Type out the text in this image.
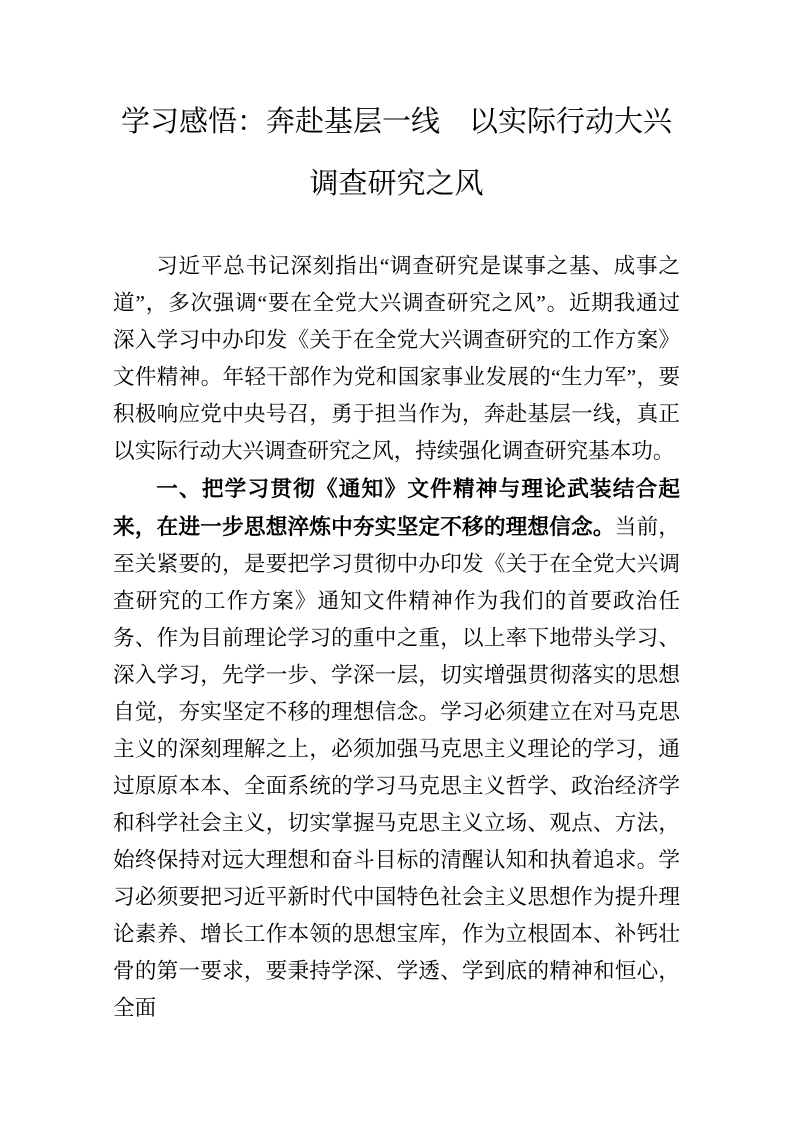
学习感悟：奔赴基层一线　以实际行动大兴调查研究之风

习近平总书记深刻指出“调查研究是谋事之基、成事之道”，多次强调“要在全党大兴调查研究之风”。近期我通过深入学习中办印发《关于在全党大兴调查研究的工作方案》文件精神。年轻干部作为党和国家事业发展的“生力军”，要积极响应党中央号召，勇于担当作为，奔赴基层一线，真正以实际行动大兴调查研究之风，持续强化调查研究基本功。

一、把学习贯彻《通知》文件精神与理论武装结合起来，在进一步思想淬炼中夯实坚定不移的理想信念。当前，至关紧要的，是要把学习贯彻中办印发《关于在全党大兴调查研究的工作方案》通知文件精神作为我们的首要政治任务、作为目前理论学习的重中之重，以上率下地带头学习、深入学习，先学一步、学深一层，切实增强贯彻落实的思想自觉，夯实坚定不移的理想信念。学习必须建立在对马克思主义的深刻理解之上，必须加强马克思主义理论的学习，通过原原本本、全面系统的学习马克思主义哲学、政治经济学和科学社会主义，切实掌握马克思主义立场、观点、方法，始终保持对远大理想和奋斗目标的清醒认知和执着追求。学习必须要把习近平新时代中国特色社会主义思想作为提升理论素养、增长工作本领的思想宝库，作为立根固本、补钙壮骨的第一要求，要秉持学深、学透、学到底的精神和恒心，全面
